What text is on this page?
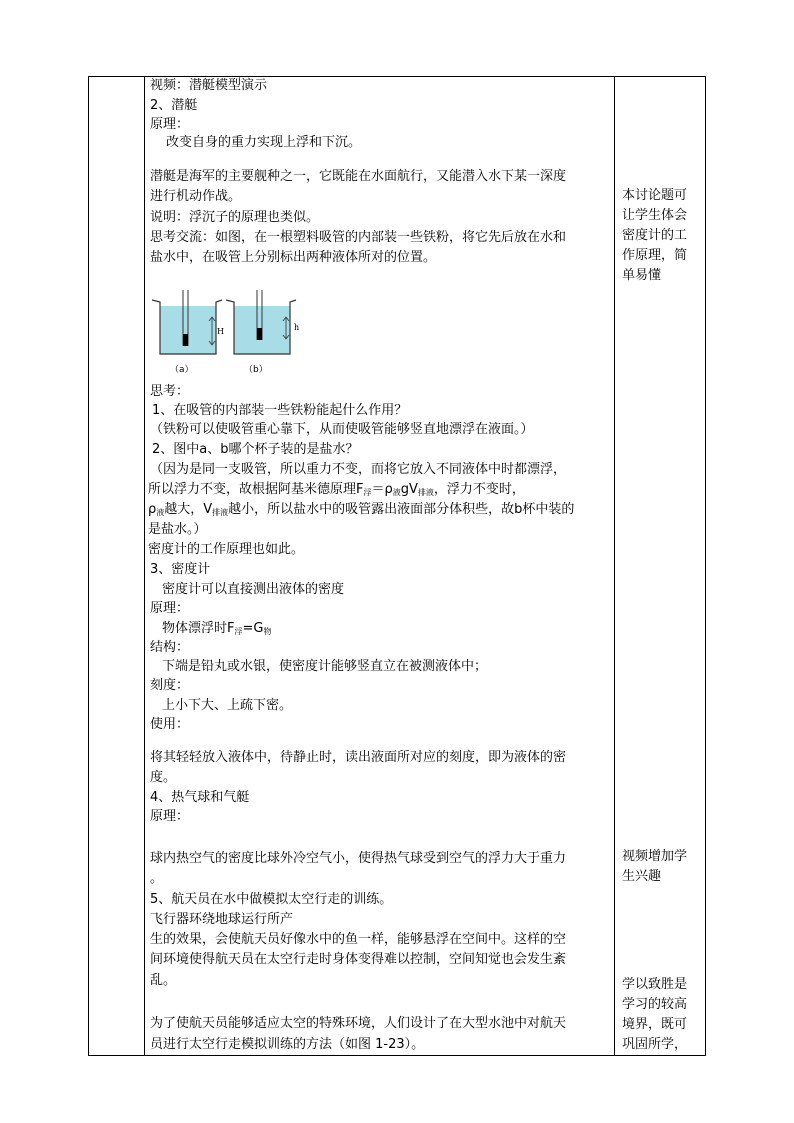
视频：潜艇模型演示
2、潜艇
原理：
改变自身的重力实现上浮和下沉。
潜艇是海军的主要舰种之一，它既能在水面航行，又能潜入水下某一深度
进行机动作战。
说明：浮沉子的原理也类似。
思考交流：如图，在一根塑料吸管的内部装一些铁粉，将它先后放在水和
盐水中，在吸管上分别标出两种液体所对的位置。
H
（a）
h
（b）
思考：
1、在吸管的内部装一些铁粉能起什么作用？
（铁粉可以使吸管重心靠下，从而使吸管能够竖直地漂浮在液面。）
2、图中a、b哪个杯子装的是盐水？
（因为是同一支吸管，所以重力不变，而将它放入不同液体中时都漂浮，
所以浮力不变，故根据阿基米德原理$F_浮=\rho_液gV_{排液}$，浮力不变时，
$\rho_液$越大，$V_{排液}$越小，所以盐水中的吸管露出液面部分体积些，故b杯中装的
是盐水。）
密度计的工作原理也如此。
3、密度计
密度计可以直接测出液体的密度
原理：
物体漂浮时$F_浮=G_物$
结构：
下端是铅丸或水银，使密度计能够竖直立在被测液体中；
刻度：
上小下大、上疏下密。
使用：
将其轻轻放入液体中，待静止时，读出液面所对应的刻度，即为液体的密
度。
4、热气球和气艇
原理：
球内热空气的密度比球外冷空气小，使得热气球受到空气的浮力大于重力
。
5、航天员在水中做模拟太空行走的训练。
飞行器环绕地球运行所产
生的效果，会使航天员好像水中的鱼一样，能够悬浮在空间中。这样的空
间环境使得航天员在太空行走时身体变得难以控制，空间知觉也会发生紊
乱。
为了使航天员能够适应太空的特殊环境，人们设计了在大型水池中对航天
员进行太空行走模拟训练的方法（如图 1-23）。
本讨论题可
让学生体会
密度计的工
作原理，简
单易懂
视频增加学
生兴趣
学以致胜是
学习的较高
境界，既可
巩固所学，
